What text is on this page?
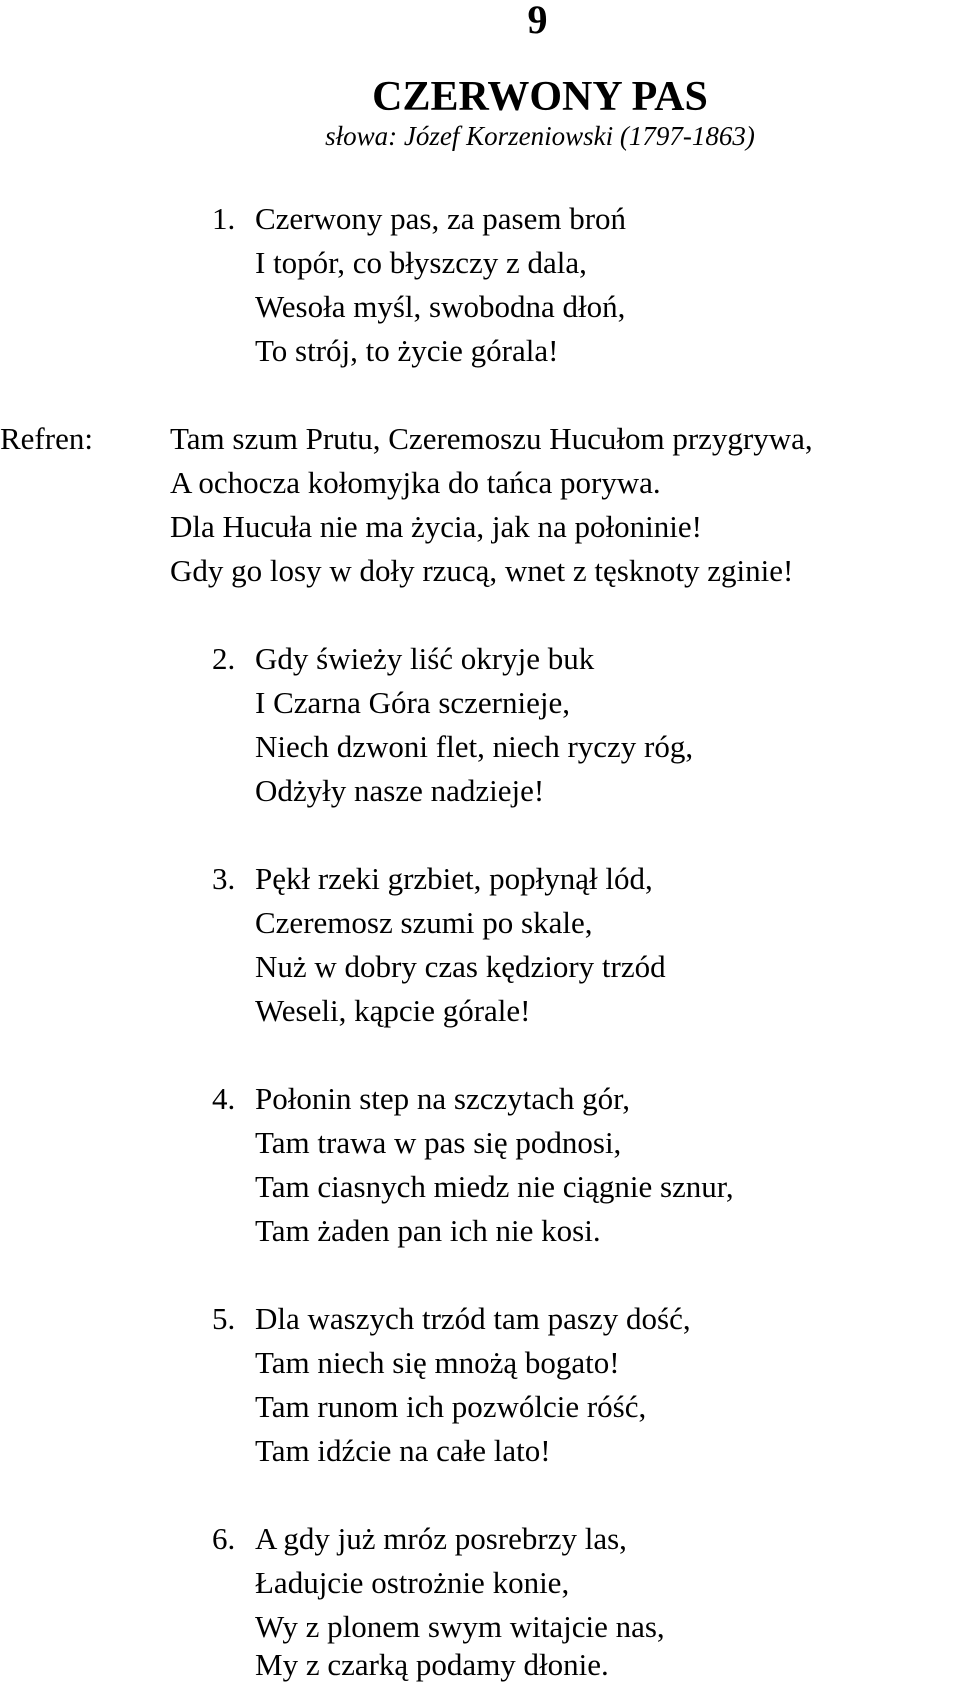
9
CZERWONY PAS
słowa: Józef Korzeniowski (1797-1863)
1. Czerwony pas, za pasem broń
I topór, co błyszczy z dala,
Wesoła myśl, swobodna dłoń,
To strój, to życie górala!
Refren: Tam szum Prutu, Czeremoszu Hucułom przygrywa,
A ochocza kołomyjka do tańca porywa.
Dla Hucuła nie ma życia, jak na połoninie!
Gdy go losy w doły rzucą, wnet z tęsknoty zginie!
2. Gdy świeży liść okryje buk
I Czarna Góra sczernieje,
Niech dzwoni flet, niech ryczy róg,
Odżyły nasze nadzieje!
3. Pękł rzeki grzbiet, popłynął lód,
Czeremosz szumi po skale,
Nuż w dobry czas kędziory trzód
Weseli, kąpcie górale!
4. Połonin step na szczytach gór,
Tam trawa w pas się podnosi,
Tam ciasnych miedz nie ciągnie sznur,
Tam żaden pan ich nie kosi.
5. Dla waszych trzód tam paszy dość,
Tam niech się mnożą bogato!
Tam runom ich pozwólcie róść,
Tam idźcie na całe lato!
6. A gdy już mróz posrebrzy las,
Ładujcie ostrożnie konie,
Wy z plonem swym witajcie nas,
My z czarką podamy dłonie.
